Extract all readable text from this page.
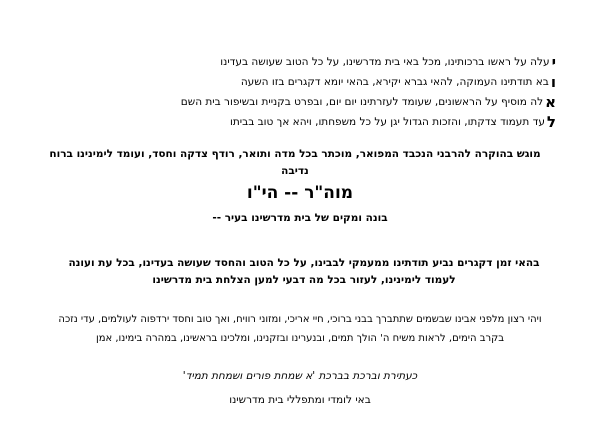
י
עלה על ראשו ברכותינו, מכל באי בית מדרשינו, על כל הטוב שעושה בעדינו
ו
בא תודתינו העמוקה, להאי גברא יקירא, בהאי יומא דקגרים בזו השעה
א
לה מוסיף על הראשונים, שעומד לעזרתינו יום יום, ובפרט בקניית ובשיפור בית השם
ל
עד תעמוד צדקתו, והזכות הגדול יגן על כל משפחתו, ויהא אך טוב בביתו
מוגש בהוקרה להרבני הנכבד המפואר, מוכתר בכל מדה ותואר, רודף צדקה וחסד, ועומד לימינינו ברוח נדיבה
מוה"ר -- הי"ו
בונה ומקים של בית מדרשינו בעיר --
בהאי זמן דקגרים נביע תודתינו ממעמקי לבבינו, על כל הטוב והחסד שעושה בעדינו, בכל עת ועונה לעמוד לימינינו, לעזור בכל מה דבעי למען הצלחת בית מדרשינו
ויהי רצון מלפני אבינו שבשמים שתתברך בבני ברוכי, חיי אריכי, ומזוני רוויח, ואך טוב וחסד ירדפוה לעולמים, עדי נזכה בקרב הימים, לראות משיח ה' הולך תמים, ובנערינו ובזקנינו, ומלכינו בראשינו, במהרה בימינו, אמן
כעתירת וברכת בברכת 'א שמחת פורים ושמחת תמיד'
באי לומדי ומתפללי בית מדרשינו
